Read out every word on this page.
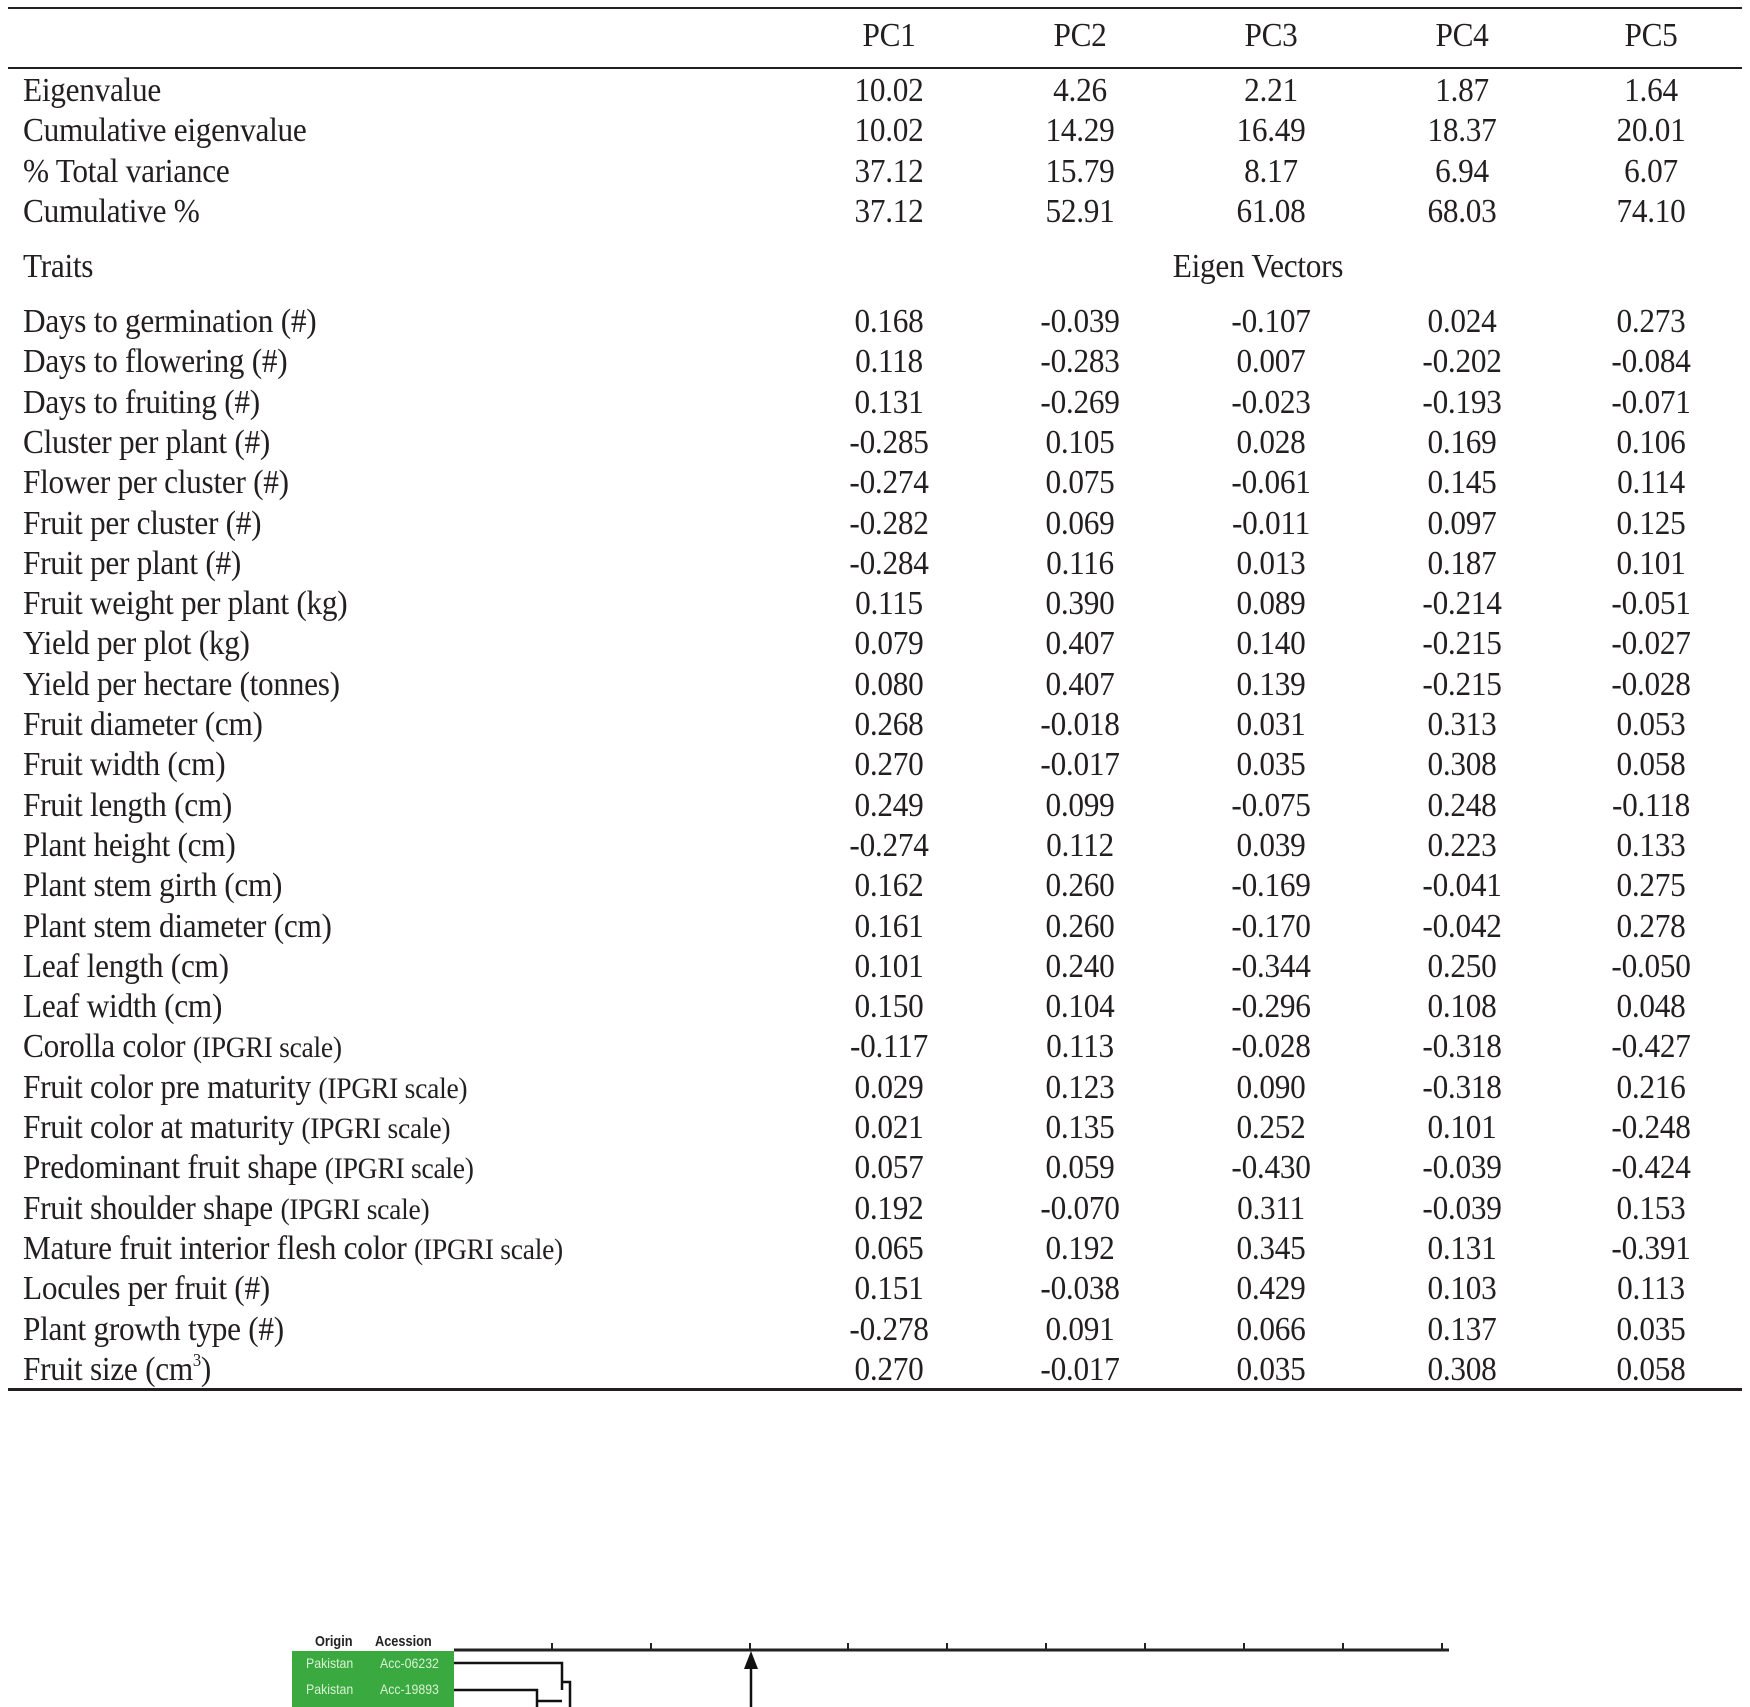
PC1	PC2	PC3	PC4	PC5
Eigenvalue	10.02	4.26	2.21	1.87	1.64
Cumulative eigenvalue	10.02	14.29	16.49	18.37	20.01
% Total variance	37.12	15.79	8.17	6.94	6.07
Cumulative %	37.12	52.91	61.08	68.03	74.10
Traits	Eigen Vectors
Days to germination (#)	0.168	-0.039	-0.107	0.024	0.273
Days to flowering (#)	0.118	-0.283	0.007	-0.202	-0.084
Days to fruiting (#)	0.131	-0.269	-0.023	-0.193	-0.071
Cluster per plant (#)	-0.285	0.105	0.028	0.169	0.106
Flower per cluster (#)	-0.274	0.075	-0.061	0.145	0.114
Fruit per cluster (#)	-0.282	0.069	-0.011	0.097	0.125
Fruit per plant (#)	-0.284	0.116	0.013	0.187	0.101
Fruit weight per plant (kg)	0.115	0.390	0.089	-0.214	-0.051
Yield per plot (kg)	0.079	0.407	0.140	-0.215	-0.027
Yield per hectare (tonnes)	0.080	0.407	0.139	-0.215	-0.028
Fruit diameter (cm)	0.268	-0.018	0.031	0.313	0.053
Fruit width (cm)	0.270	-0.017	0.035	0.308	0.058
Fruit length (cm)	0.249	0.099	-0.075	0.248	-0.118
Plant height (cm)	-0.274	0.112	0.039	0.223	0.133
Plant stem girth (cm)	0.162	0.260	-0.169	-0.041	0.275
Plant stem diameter (cm)	0.161	0.260	-0.170	-0.042	0.278
Leaf length (cm)	0.101	0.240	-0.344	0.250	-0.050
Leaf width (cm)	0.150	0.104	-0.296	0.108	0.048
Corolla color (IPGRI scale)	-0.117	0.113	-0.028	-0.318	-0.427
Fruit color pre maturity (IPGRI scale)	0.029	0.123	0.090	-0.318	0.216
Fruit color at maturity (IPGRI scale)	0.021	0.135	0.252	0.101	-0.248
Predominant fruit shape (IPGRI scale)	0.057	0.059	-0.430	-0.039	-0.424
Fruit shoulder shape (IPGRI scale)	0.192	-0.070	0.311	-0.039	0.153
Mature fruit interior flesh color (IPGRI scale)	0.065	0.192	0.345	0.131	-0.391
Locules per fruit (#)	0.151	-0.038	0.429	0.103	0.113
Plant growth type (#)	-0.278	0.091	0.066	0.137	0.035
Fruit size $(cm^3)$	0.270	-0.017	0.035	0.308	0.058
Origin Acession
Pakistan Acc-06232
Pakistan Acc-19893
